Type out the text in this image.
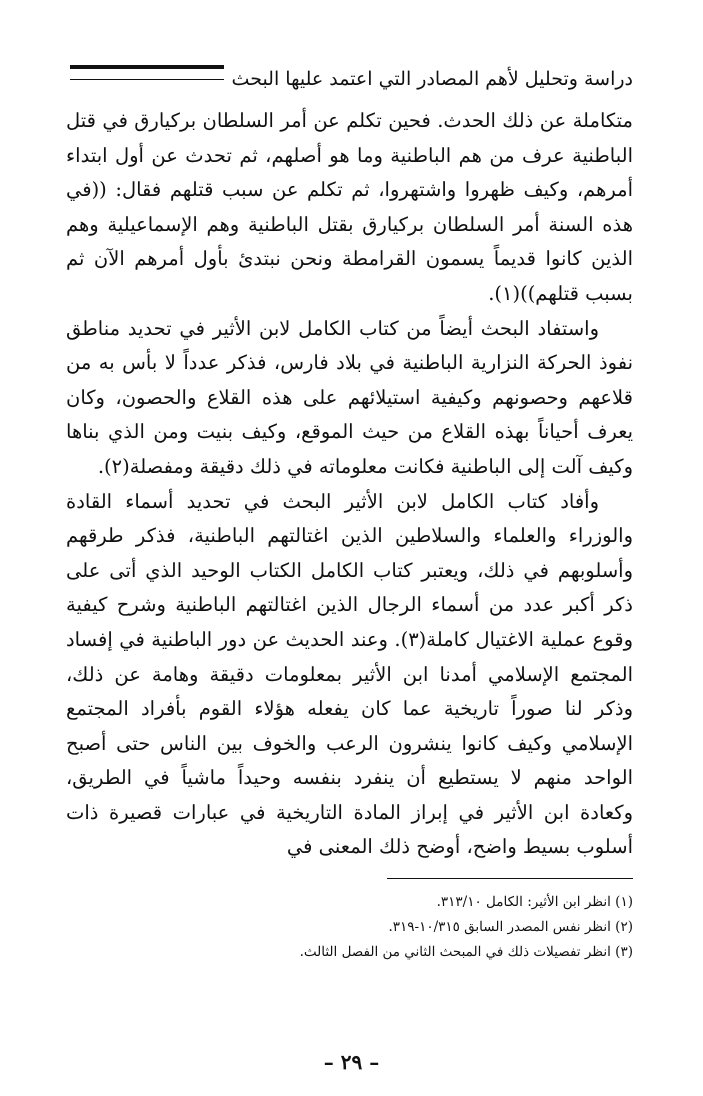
دراسة وتحليل لأهم المصادر التي اعتمد عليها البحث

متكاملة عن ذلك الحدث. فحين تكلم عن أمر السلطان بركيارق في قتل الباطنية عرف من هم الباطنية وما هو أصلهم، ثم تحدث عن أول ابتداء أمرهم، وكيف ظهروا واشتهروا، ثم تكلم عن سبب قتلهم فقال: ((في هذه السنة أمر السلطان بركيارق بقتل الباطنية وهم الإسماعيلية وهم الذين كانوا قديماً يسمون القرامطة ونحن نبتدئ بأول أمرهم الآن ثم بسبب قتلهم))(١).

واستفاد البحث أيضاً من كتاب الكامل لابن الأثير في تحديد مناطق نفوذ الحركة النزارية الباطنية في بلاد فارس، فذكر عدداً لا بأس به من قلاعهم وحصونهم وكيفية استيلائهم على هذه القلاع والحصون، وكان يعرف أحياناً بهذه القلاع من حيث الموقع، وكيف بنيت ومن الذي بناها وكيف آلت إلى الباطنية فكانت معلوماته في ذلك دقيقة ومفصلة(٢).

وأفاد كتاب الكامل لابن الأثير البحث في تحديد أسماء القادة والوزراء والعلماء والسلاطين الذين اغتالتهم الباطنية، فذكر طرقهم وأسلوبهم في ذلك، ويعتبر كتاب الكامل الكتاب الوحيد الذي أتى على ذكر أكبر عدد من أسماء الرجال الذين اغتالتهم الباطنية وشرح كيفية وقوع عملية الاغتيال كاملة(٣). وعند الحديث عن دور الباطنية في إفساد المجتمع الإسلامي أمدنا ابن الأثير بمعلومات دقيقة وهامة عن ذلك، وذكر لنا صوراً تاريخية عما كان يفعله هؤلاء القوم بأفراد المجتمع الإسلامي وكيف كانوا ينشرون الرعب والخوف بين الناس حتى أصبح الواحد منهم لا يستطيع أن ينفرد بنفسه وحيداً ماشياً في الطريق، وكعادة ابن الأثير في إبراز المادة التاريخية في عبارات قصيرة ذات أسلوب بسيط واضح، أوضح ذلك المعنى في

(١) انظر ابن الأثير: الكامل ٣١٣/١٠.

(٢) انظر نفس المصدر السابق ١٠/٣١٥-٣١٩.

(٣) انظر تفصيلات ذلك في المبحث الثاني من الفصل الثالث.

– ٢٩ –
